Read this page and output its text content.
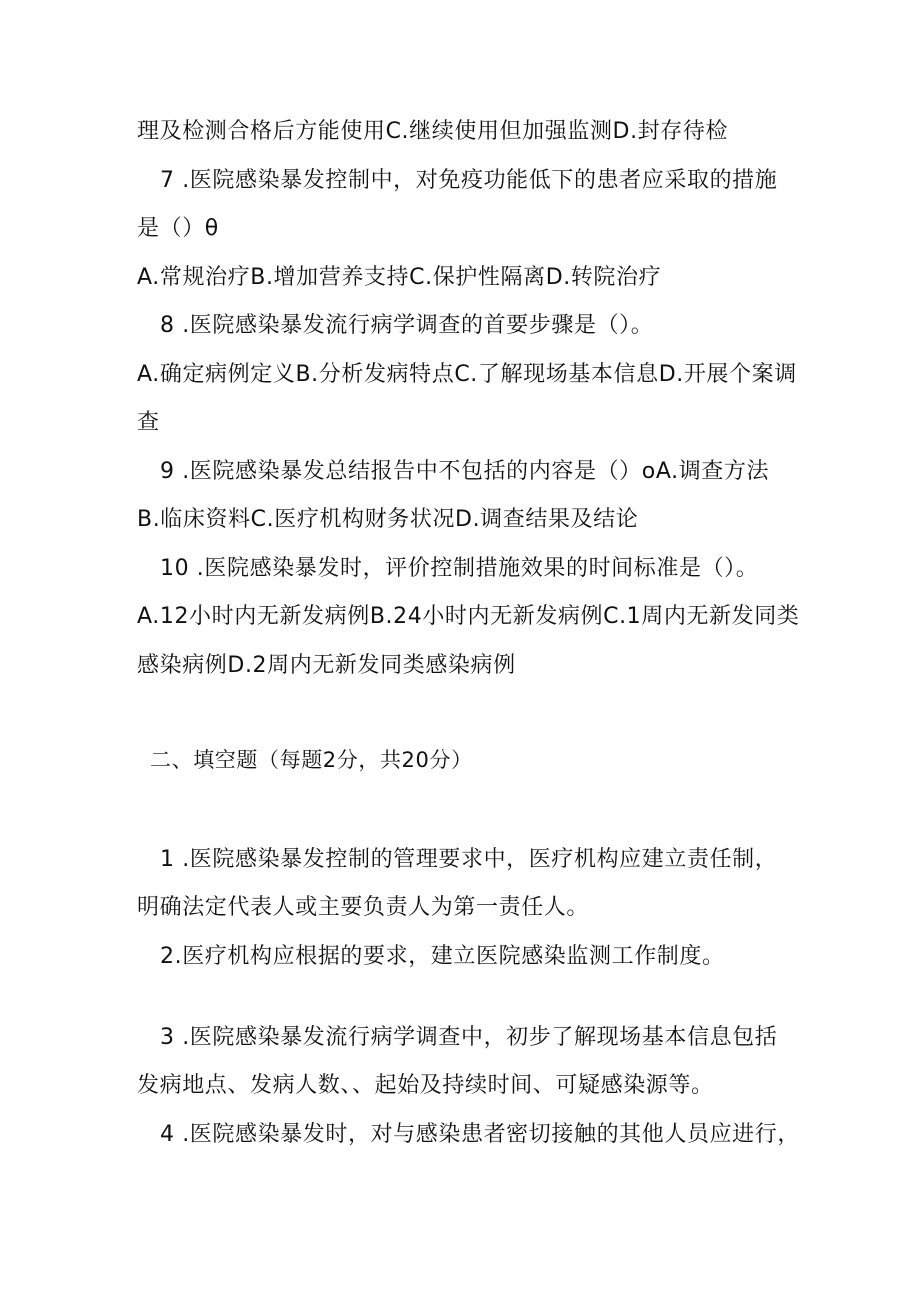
理及检测合格后方能使用C.继续使用但加强监测D.封存待检
7 .医院感染暴发控制中，对免疫功能低下的患者应采取的措施
是（）θ
A.常规治疗B.增加营养支持C.保护性隔离D.转院治疗
8 .医院感染暴发流行病学调查的首要步骤是（）。
A.确定病例定义B.分析发病特点C.了解现场基本信息D.开展个案调
查
9 .医院感染暴发总结报告中不包括的内容是（）oA.调查方法
B.临床资料C.医疗机构财务状况D.调查结果及结论
10 .医院感染暴发时，评价控制措施效果的时间标准是（）。
A.12小时内无新发病例B.24小时内无新发病例C.1周内无新发同类
感染病例D.2周内无新发同类感染病例
二、填空题（每题2分，共20分）
1 .医院感染暴发控制的管理要求中，医疗机构应建立责任制，
明确法定代表人或主要负责人为第一责任人。
2.医疗机构应根据的要求，建立医院感染监测工作制度。
3 .医院感染暴发流行病学调查中，初步了解现场基本信息包括
发病地点、发病人数、、起始及持续时间、可疑感染源等。
4 .医院感染暴发时，对与感染患者密切接触的其他人员应进行，
